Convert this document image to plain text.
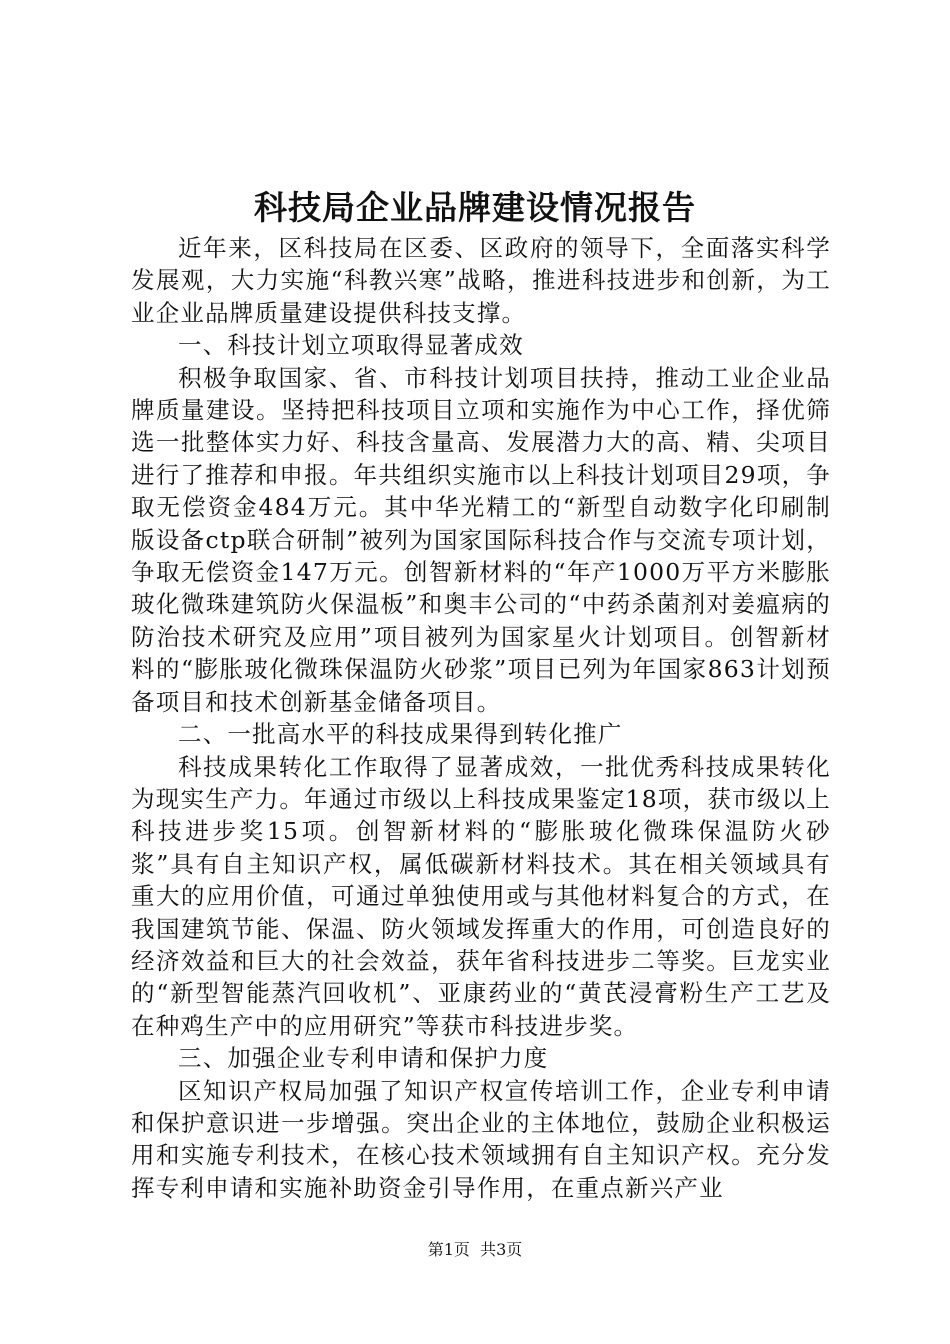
科技局企业品牌建设情况报告

近年来，区科技局在区委、区政府的领导下，全面落实科学发展观，大力实施“科教兴寒”战略，推进科技进步和创新，为工业企业品牌质量建设提供科技支撑。

一、科技计划立项取得显著成效

积极争取国家、省、市科技计划项目扶持，推动工业企业品牌质量建设。坚持把科技项目立项和实施作为中心工作，择优筛选一批整体实力好、科技含量高、发展潜力大的高、精、尖项目进行了推荐和申报。年共组织实施市以上科技计划项目29项，争取无偿资金484万元。其中华光精工的“新型自动数字化印刷制版设备ctp联合研制”被列为国家国际科技合作与交流专项计划，争取无偿资金147万元。创智新材料的“年产1000万平方米膨胀玻化微珠建筑防火保温板”和奥丰公司的“中药杀菌剂对姜瘟病的防治技术研究及应用”项目被列为国家星火计划项目。创智新材料的“膨胀玻化微珠保温防火砂浆”项目已列为年国家863计划预备项目和技术创新基金储备项目。

二、一批高水平的科技成果得到转化推广

科技成果转化工作取得了显著成效，一批优秀科技成果转化为现实生产力。年通过市级以上科技成果鉴定18项，获市级以上科技进步奖15项。创智新材料的“膨胀玻化微珠保温防火砂浆”具有自主知识产权，属低碳新材料技术。其在相关领域具有重大的应用价值，可通过单独使用或与其他材料复合的方式，在我国建筑节能、保温、防火领域发挥重大的作用，可创造良好的经济效益和巨大的社会效益，获年省科技进步二等奖。巨龙实业的“新型智能蒸汽回收机”、亚康药业的“黄芪浸膏粉生产工艺及在种鸡生产中的应用研究”等获市科技进步奖。

三、加强企业专利申请和保护力度

区知识产权局加强了知识产权宣传培训工作，企业专利申请和保护意识进一步增强。突出企业的主体地位，鼓励企业积极运用和实施专利技术，在核心技术领域拥有自主知识产权。充分发挥专利申请和实施补助资金引导作用，在重点新兴产业

第1页  共3页
